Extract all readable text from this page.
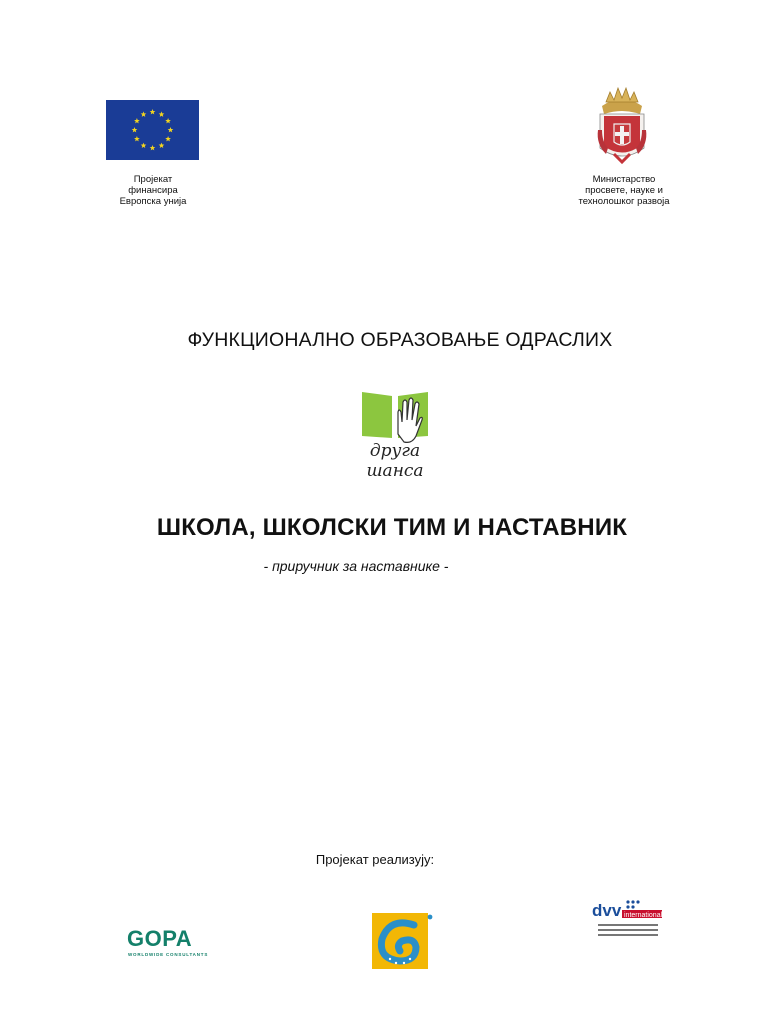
Пројекат
финансира
Европска унија
Министарство
просвете, науке и
технолошког развоја
ФУНКЦИОНАЛНО ОБРАЗОВАЊЕ ОДРАСЛИХ
друга
шанса
ШКОЛА, ШКОЛСКИ ТИМ И НАСТАВНИК
- приручник за наставнике -
Пројекат реализују:
GOPA
WORLDWIDE CONSULTANTS
dvv international
